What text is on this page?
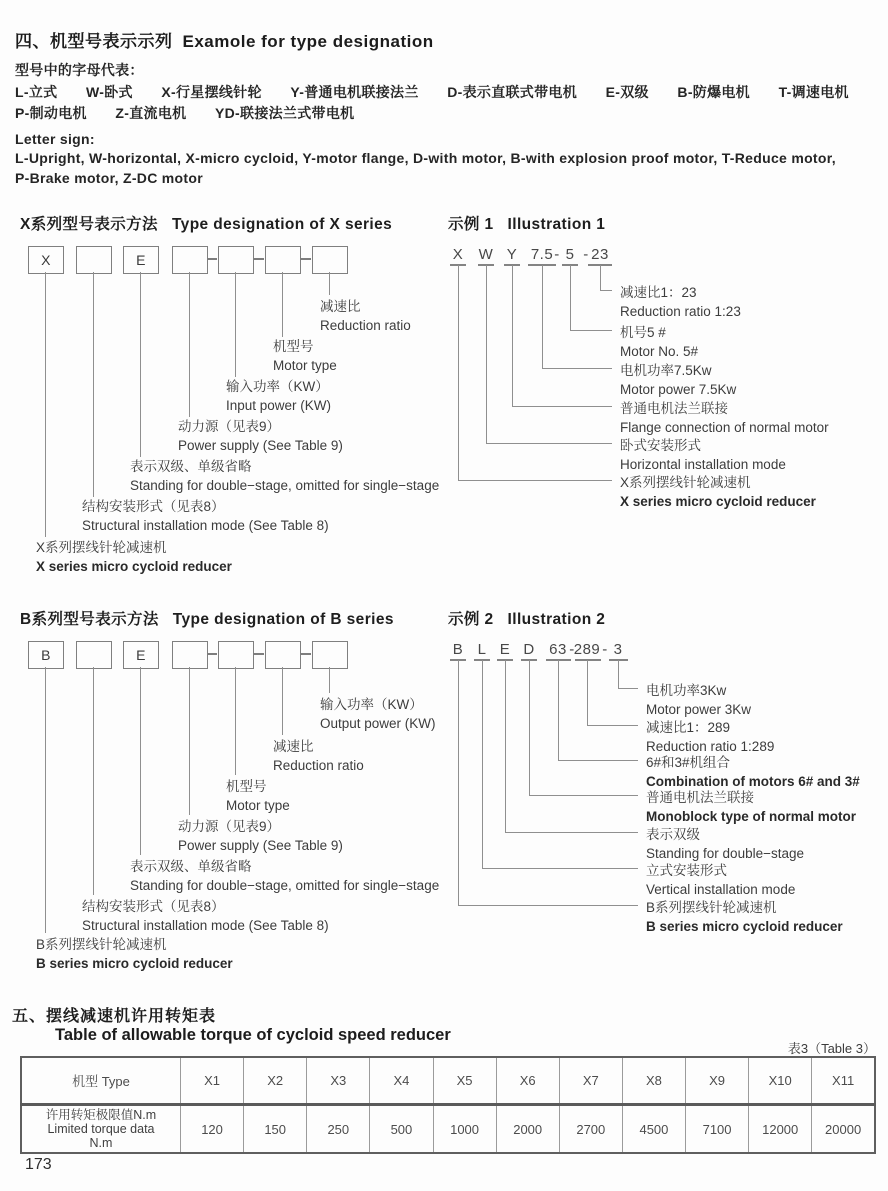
四、机型号表示示列 Examole for type designation
型号中的字母代表：
L-立式　　W-卧式　　X-行星摆线针轮　　Y-普通电机联接法兰　　D-表示直联式带电机　　E-双级　　B-防爆电机　　T-调速电机
P-制动电机　　Z-直流电机　　YD-联接法兰式带电机
Letter sign:
L-Upright, W-horizontal, X-micro cycloid, Y-motor flange, D-with motor, B-with explosion proof motor, T-Reduce motor,
P-Brake motor, Z-DC motor
X系列型号表示方法 Type designation of X series
X	E
减速比
Reduction ratio
机型号
Motor type
输入功率（KW）
Input power (KW)
动力源（见表9）
Power supply (See Table 9)
表示双级、单级省略
Standing for double−stage, omitted for single−stage
结构安装形式（见表8）
Structural installation mode (See Table 8)
X系列摆线针轮减速机
X series micro cycloid reducer
示例 1 Illustration 1
X W Y 7.5 - 5 - 23
减速比1：23
Reduction ratio 1:23
机号5 #
Motor No. 5#
电机功率7.5Kw
Motor power 7.5Kw
普通电机法兰联接
Flange connection of normal motor
卧式安装形式
Horizontal installation mode
X系列摆线针轮减速机
X series micro cycloid reducer
B系列型号表示方法 Type designation of B series
B	E
输入功率（KW）
Output power (KW)
减速比
Reduction ratio
机型号
Motor type
动力源（见表9）
Power supply (See Table 9)
表示双级、单级省略
Standing for double−stage, omitted for single−stage
结构安装形式（见表8）
Structural installation mode (See Table 8)
B系列摆线针轮减速机
B series micro cycloid reducer
示例 2 Illustration 2
B L E D 63 -
289 - 3
电机功率3Kw
Motor power 3Kw
减速比1：289
Reduction ratio 1:289
6#和3#机组合
Combination of motors 6# and 3#
普通电机法兰联接
Monoblock type of normal motor
表示双级
Standing for double−stage
立式安装形式
Vertical installation mode
B系列摆线针轮减速机
B series micro cycloid reducer
五、摆线减速机许用转矩表
Table of allowable torque of cycloid speed reducer
表3（Table 3）
机型 Type	X1	X2	X3	X4	X5	X6	X7	X8	X9	X10	X11

许用转矩极限值N.m
Limited torque data
N.m	120	150	250	500	1000	2000	2700	4500	7100	12000	20000
173
